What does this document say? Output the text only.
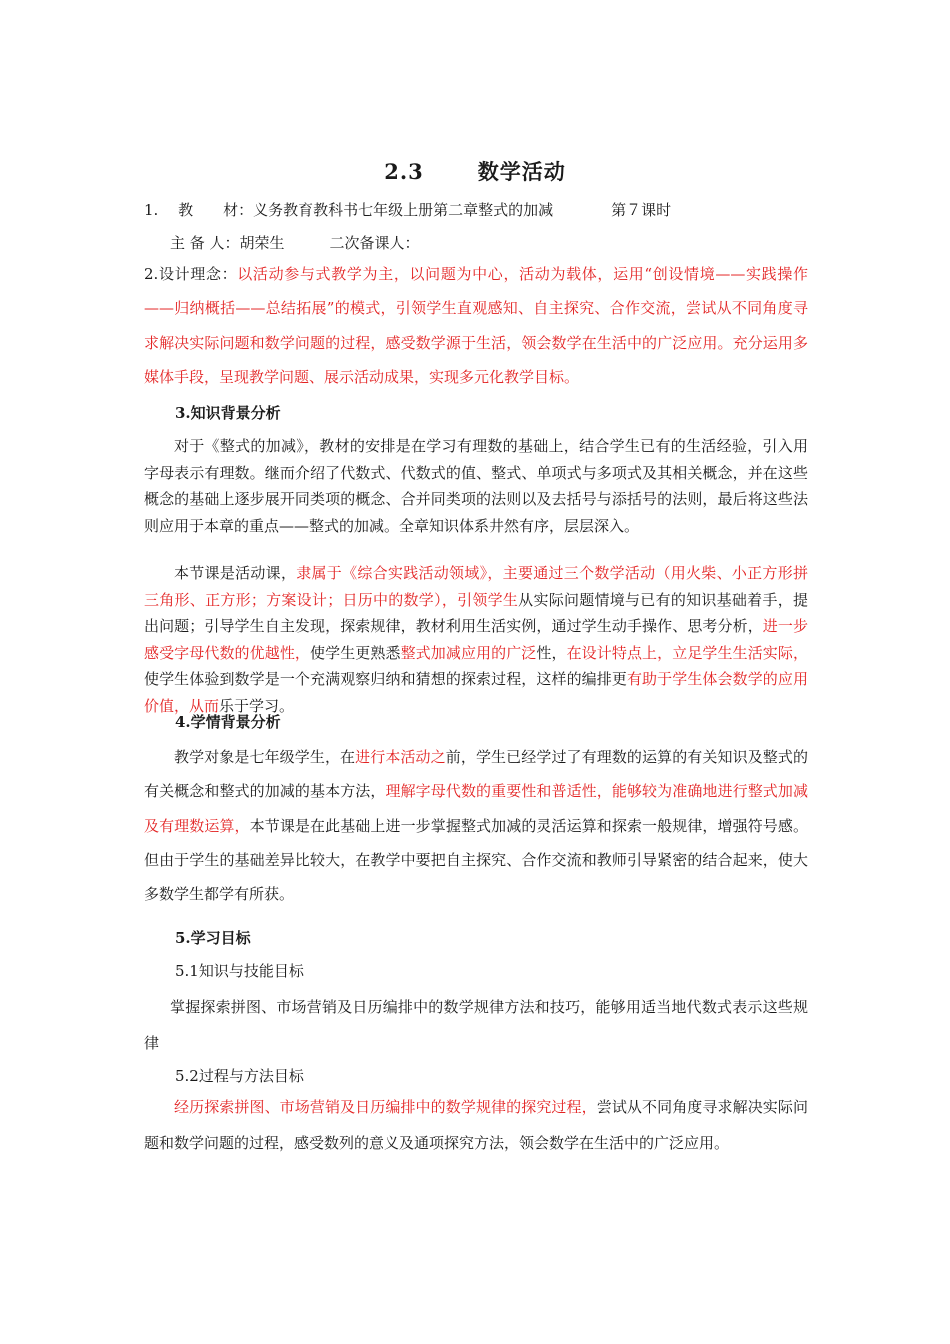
2.3	数学活动
1.　 教　　材：义务教育教科书七年级上册第二章整式的加减	第７课时
主 备 人：胡荣生　　　二次备课人：
2.设计理念：以活动参与式教学为主，以问题为中心，活动为载体，运用“创设情境——实践操作——归纳概括——总结拓展”的模式，引领学生直观感知、自主探究、合作交流，尝试从不同角度寻求解决实际问题和数学问题的过程，感受数学源于生活，领会数学在生活中的广泛应用。充分运用多媒体手段，呈现教学问题、展示活动成果，实现多元化教学目标。
3.知识背景分析
对于《整式的加减》，教材的安排是在学习有理数的基础上，结合学生已有的生活经验，引入用字母表示有理数。继而介绍了代数式、代数式的值、整式、单项式与多项式及其相关概念，并在这些概念的基础上逐步展开同类项的概念、合并同类项的法则以及去括号与添括号的法则，最后将这些法则应用于本章的重点——整式的加减。全章知识体系井然有序，层层深入。
本节课是活动课，隶属于《综合实践活动领域》，主要通过三个数学活动（用火柴、小正方形拼三角形、正方形；方案设计；日历中的数学），引领学生从实际问题情境与已有的知识基础着手，提出问题；引导学生自主发现，探索规律，教材利用生活实例，通过学生动手操作、思考分析，进一步感受字母代数的优越性，使学生更熟悉整式加减应用的广泛性，在设计特点上，立足学生生活实际，使学生体验到数学是一个充满观察归纳和猜想的探索过程，这样的编排更有助于学生体会数学的应用价值，从而乐于学习。
4.学情背景分析
教学对象是七年级学生，在进行本活动之前，学生已经学过了有理数的运算的有关知识及整式的有关概念和整式的加减的基本方法，理解字母代数的重要性和普适性，能够较为准确地进行整式加减及有理数运算，本节课是在此基础上进一步掌握整式加减的灵活运算和探索一般规律，增强符号感。但由于学生的基础差异比较大，在教学中要把自主探究、合作交流和教师引导紧密的结合起来，使大多数学生都学有所获。
5.学习目标
5.1知识与技能目标
掌握探索拼图、市场营销及日历编排中的数学规律方法和技巧，能够用适当地代数式表示这些规律
5.2过程与方法目标
经历探索拼图、市场营销及日历编排中的数学规律的探究过程，尝试从不同角度寻求解决实际问题和数学问题的过程，感受数列的意义及通项探究方法，领会数学在生活中的广泛应用。
